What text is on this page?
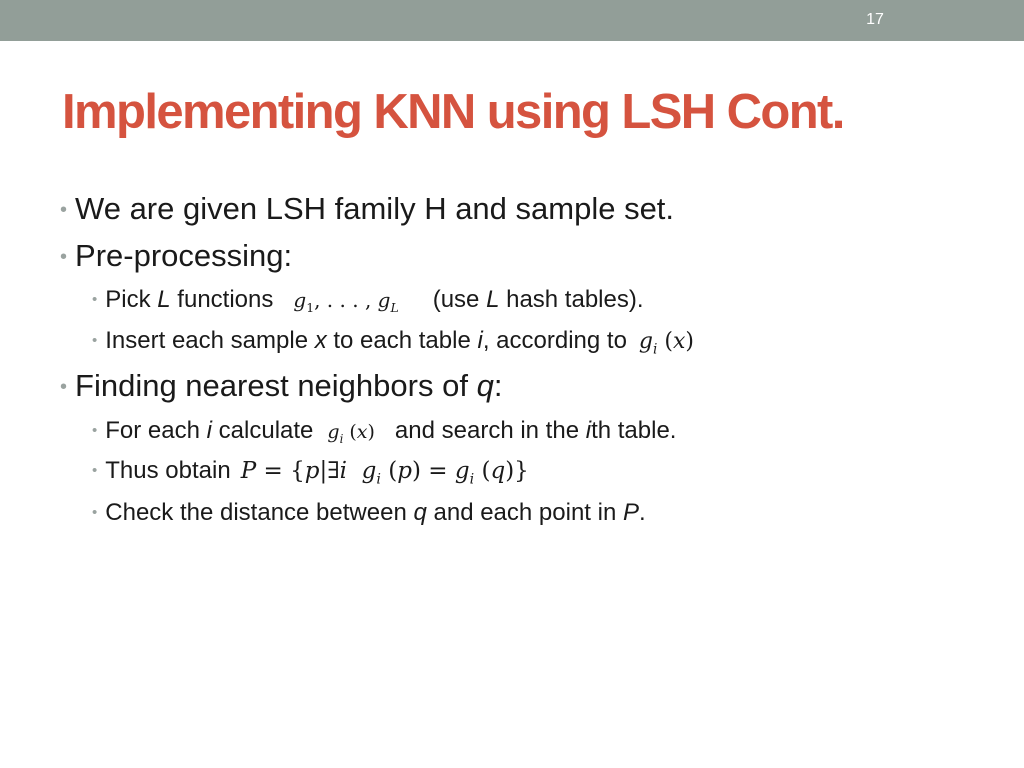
17
Implementing KNN using LSH Cont.
• We are given LSH family H and sample set.
• Pre-processing:
• Pick L functions $g_1$, . . . , $g_L$ (use L hash tables).
• Insert each sample x to each table i, according to $g_i$ (x)
• Finding nearest neighbors of q:
• For each i calculate $g_i$ (x) and search in the ith table.
• Thus obtain P = {p|∃i $g_i$ $(p) = g_i$ (q)}
• Check the distance between q and each point in P.
